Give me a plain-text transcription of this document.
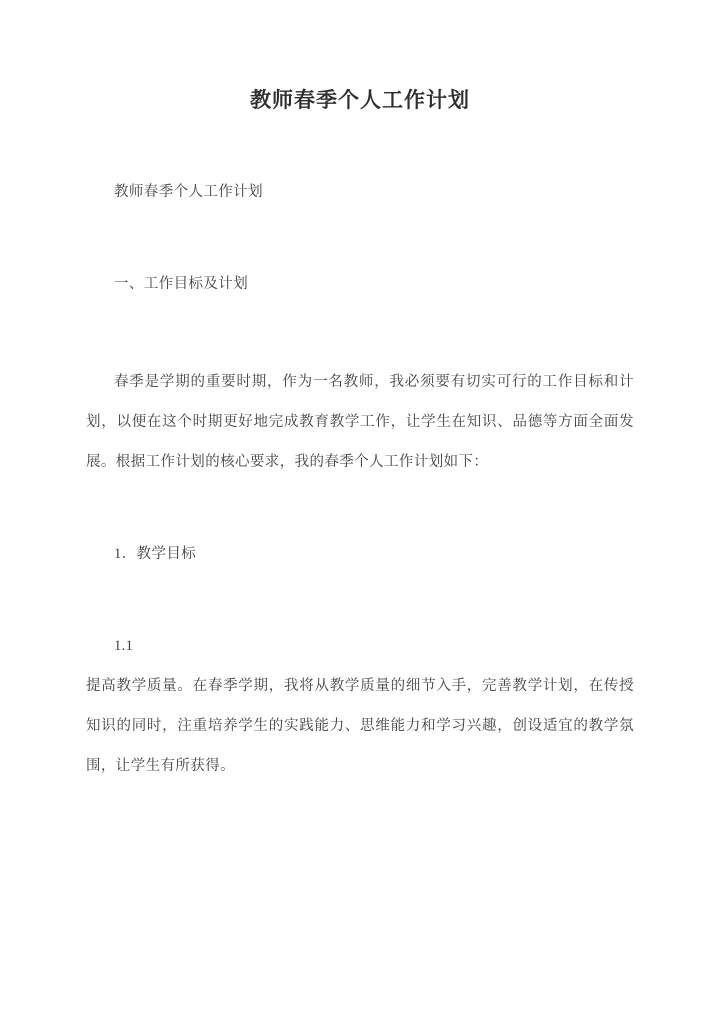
教师春季个人工作计划

教师春季个人工作计划

一、工作目标及计划

春季是学期的重要时期，作为一名教师，我必须要有切实可行的工作目标和计划，以便在这个时期更好地完成教育教学工作，让学生在知识、品德等方面全面发展。根据工作计划的核心要求，我的春季个人工作计划如下：

1．教学目标

1.1

提高教学质量。在春季学期，我将从教学质量的细节入手，完善教学计划，在传授知识的同时，注重培养学生的实践能力、思维能力和学习兴趣，创设适宜的教学氛围，让学生有所获得。
